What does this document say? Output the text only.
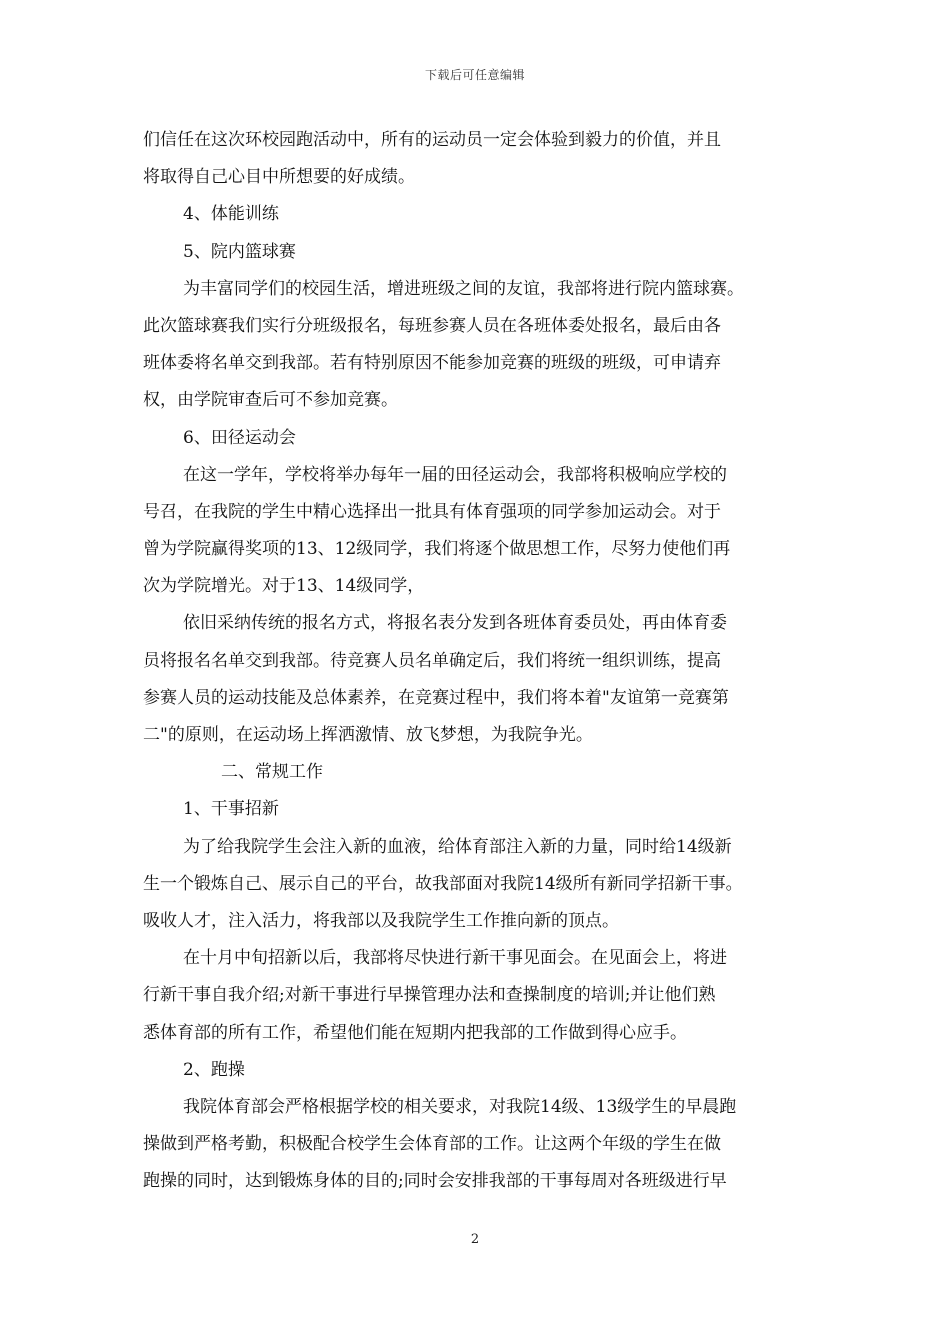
下载后可任意编辑
们信任在这次环校园跑活动中，所有的运动员一定会体验到毅力的价值，并且
将取得自己心目中所想要的好成绩。
4、体能训练
5、院内篮球赛
为丰富同学们的校园生活，增进班级之间的友谊，我部将进行院内篮球赛。
此次篮球赛我们实行分班级报名，每班参赛人员在各班体委处报名，最后由各
班体委将名单交到我部。若有特别原因不能参加竞赛的班级的班级，可申请弃
权，由学院审查后可不参加竞赛。
6、田径运动会
在这一学年，学校将举办每年一届的田径运动会，我部将积极响应学校的
号召，在我院的学生中精心选择出一批具有体育强项的同学参加运动会。对于
曾为学院赢得奖项的13、12级同学，我们将逐个做思想工作，尽努力使他们再
次为学院增光。对于13、14级同学，
依旧采纳传统的报名方式，将报名表分发到各班体育委员处，再由体育委
员将报名名单交到我部。待竞赛人员名单确定后，我们将统一组织训练，提高
参赛人员的运动技能及总体素养，在竞赛过程中，我们将本着"友谊第一竞赛第
二"的原则，在运动场上挥洒激情、放飞梦想，为我院争光。
二、常规工作
1、干事招新
为了给我院学生会注入新的血液，给体育部注入新的力量，同时给14级新
生一个锻炼自己、展示自己的平台，故我部面对我院14级所有新同学招新干事。
吸收人才，注入活力，将我部以及我院学生工作推向新的顶点。
在十月中旬招新以后，我部将尽快进行新干事见面会。在见面会上，将进
行新干事自我介绍;对新干事进行早操管理办法和查操制度的培训;并让他们熟
悉体育部的所有工作，希望他们能在短期内把我部的工作做到得心应手。
2、跑操
我院体育部会严格根据学校的相关要求，对我院14级、13级学生的早晨跑
操做到严格考勤，积极配合校学生会体育部的工作。让这两个年级的学生在做
跑操的同时，达到锻炼身体的目的;同时会安排我部的干事每周对各班级进行早
2
